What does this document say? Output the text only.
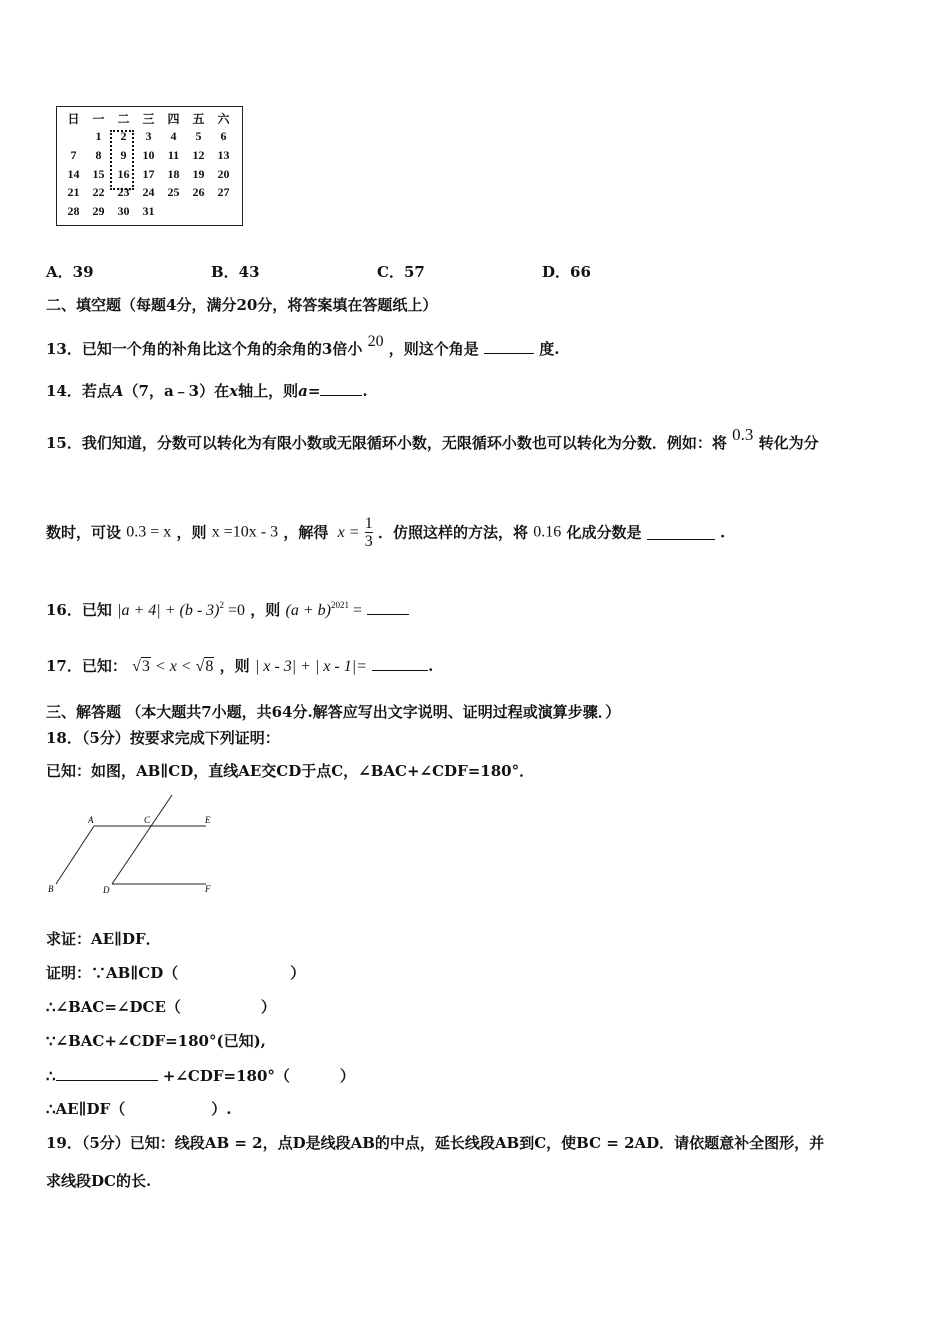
日	一	二	三	四	五	六
	1	2	3	4	5	6
7	8	9	10	11	12	13
14	15	16	17	18	19	20
21	22	23	24	25	26	27
28	29	30	31			
A．39	B．43	C．57	D．66
二、填空题（每题4分，满分20分，将答案填在答题纸上）
13．已知一个角的补角比这个角的余角的3倍小 20 ，则这个角是	度.
14．若点A（7，a﹣3）在x轴上，则a=	.
15．我们知道，分数可以转化为有限小数或无限循环小数，无限循环小数也可以转化为分数．例如：将 0.3 转化为分
数时，可设 0.3 = x ，则 x =10x - 3 ，解得 $x = \frac{1}{3}$ ．仿照这样的方法，将 0.16 化成分数是	.
16．已知 |a + 4| + (b - 3)$^2$ =0 ，则 $(a + b)^{2021}$ =
17．已知： √3 < x < √8 ，则 | x - 3| + | x - 1|=	.
三、解答题 （本大题共7小题，共64分.解答应写出文字说明、证明过程或演算步骤．）
18．（5分）按要求完成下列证明：
已知：如图，AB∥CD，直线AE交CD于点C，∠BAC+∠CDF=180°．
A	C	E
B	D	F
求证：AE∥DF．
证明：∵AB∥CD（	）
∴∠BAC=∠DCE（	）
∵∠BAC+∠CDF=180°(已知),
∴	+∠CDF=180°（	）
∴AE∥DF（	）.
19．（5分）已知：线段AB = 2，点D是线段AB的中点，延长线段AB到C，使BC = 2AD．请依题意补全图形，并
求线段DC的长.
